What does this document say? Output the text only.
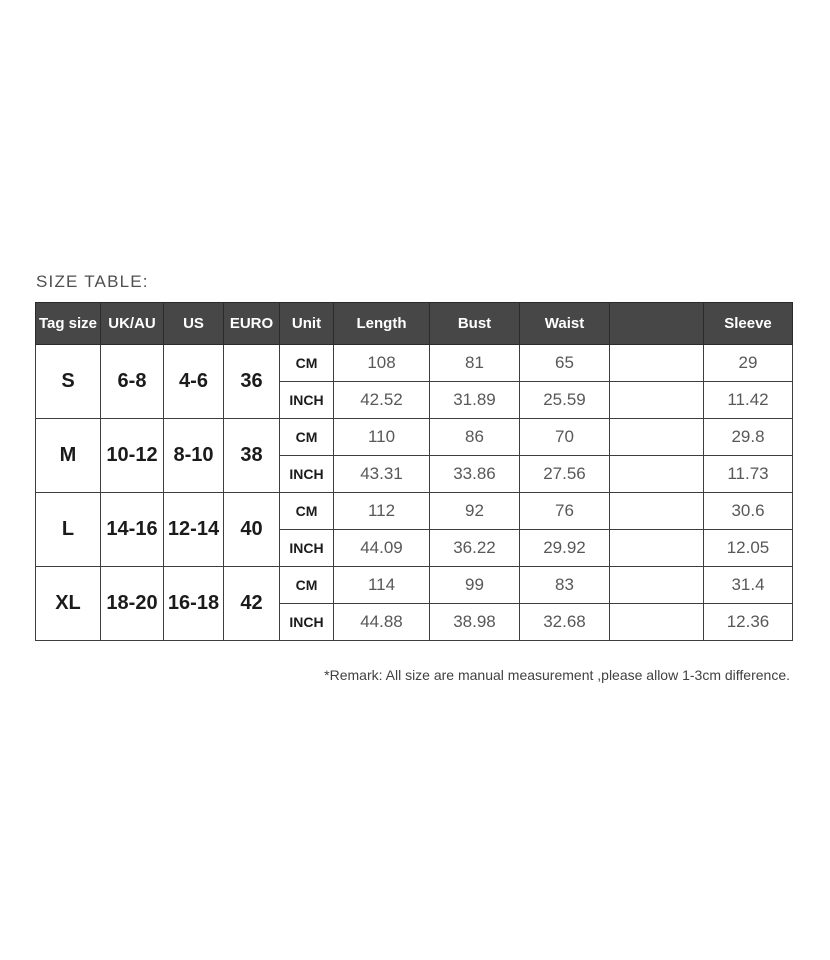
SIZE TABLE:
Tag size	UK/AU	US	EURO	Unit	Length	Bust	Waist		Sleeve
S	6-8	4-6	36	CM	108	81	65		29
				INCH	42.52	31.89	25.59		11.42
M	10-12	8-10	38	CM	110	86	70		29.8
				INCH	43.31	33.86	27.56		11.73
L	14-16	12-14	40	CM	112	92	76		30.6
				INCH	44.09	36.22	29.92		12.05
XL	18-20	16-18	42	CM	114	99	83		31.4
				INCH	44.88	38.98	32.68		12.36
*Remark: All size are manual measurement ,please allow 1-3cm difference.
